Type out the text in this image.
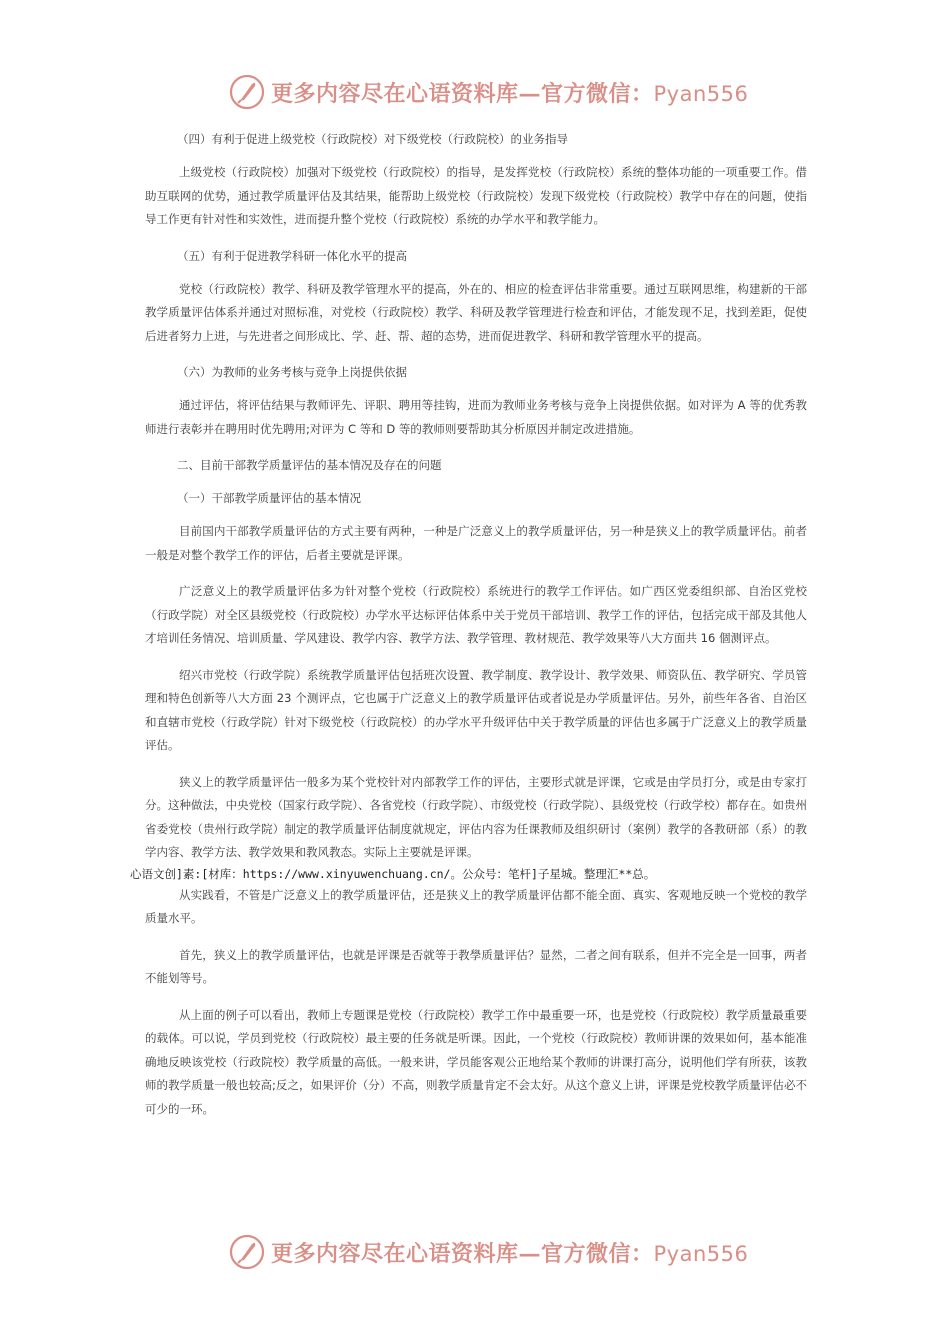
更多内容尽在心语资料库—官方微信：Pyan556

（四）有利于促进上级党校（行政院校）对下级党校（行政院校）的业务指导

上级党校（行政院校）加强对下级党校（行政院校）的指导，是发挥党校（行政院校）系统的整体功能的一项重要工作。借助互联网的优势，通过教学质量评估及其结果，能帮助上级党校（行政院校）发现下级党校（行政院校）教学中存在的问题，使指导工作更有针对性和实效性，进而提升整个党校（行政院校）系统的办学水平和教学能力。

（五）有利于促进教学科研一体化水平的提高

党校（行政院校）教学、科研及教学管理水平的提高，外在的、相应的检查评估非常重要。通过互联网思维，构建新的干部教学质量评估体系并通过对照标准，对党校（行政院校）教学、科研及教学管理进行检查和评估，才能发现不足，找到差距，促使后进者努力上进，与先进者之间形成比、学、赶、帮、超的态势，进而促进教学、科研和教学管理水平的提高。

（六）为教师的业务考核与竞争上岗提供依据

通过评估，将评估结果与教师评先、评职、聘用等挂钩，进而为教师业务考核与竞争上岗提供依据。如对评为 A 等的优秀教师进行表彰并在聘用时优先聘用;对评为 C 等和 D 等的教师则要帮助其分析原因并制定改进措施。

二、目前干部教学质量评估的基本情况及存在的问题

（一）干部教学质量评估的基本情况

目前国内干部教学质量评估的方式主要有两种，一种是广泛意义上的教学质量评估，另一种是狭义上的教学质量评估。前者一般是对整个教学工作的评估，后者主要就是评课。

广泛意义上的教学质量评估多为针对整个党校（行政院校）系统进行的教学工作评估。如广西区党委组织部、自治区党校（行政学院）对全区县级党校（行政院校）办学水平达标评估体系中关于党员干部培训、教学工作的评估，包括完成干部及其他人才培训任务情况、培训质量、学风建设、教学内容、教学方法、教学管理、教材规范、教学效果等八大方面共 16 個测评点。

绍兴市党校（行政学院）系统教学质量评估包括班次设置、教学制度、教学设计、教学效果、师资队伍、教学研究、学员管理和特色创新等八大方面 23 个测评点，它也属于广泛意义上的教学质量评估或者说是办学质量评估。另外，前些年各省、自治区和直辖市党校（行政学院）针对下级党校（行政院校）的办学水平升级评估中关于教学质量的评估也多属于广泛意义上的教学质量评估。

狭义上的教学质量评估一般多为某个党校针对内部教学工作的评估，主要形式就是评课，它或是由学员打分，或是由专家打分。这种做法，中央党校（国家行政学院）、各省党校（行政学院）、市级党校（行政学院）、县级党校（行政学校）都存在。如贵州省委党校（贵州行政学院）制定的教学质量评估制度就规定，评估内容为任课教师及组织研讨（案例）教学的各教研部（系）的教学内容、教学方法、教学效果和教风教态。实际上主要就是评课。

心语文创]素:[材库：https://www.xinyuwenchuang.cn/。公众号：笔杆]子星城。整理汇**总。

从实践看，不管是广泛意义上的教学质量评估，还是狭义上的教学质量评估都不能全面、真实、客观地反映一个党校的教学质量水平。

首先，狭义上的教学质量评估，也就是评课是否就等于教學质量评估？显然，二者之间有联系，但并不完全是一回事，两者不能划等号。

从上面的例子可以看出，教师上专题课是党校（行政院校）教学工作中最重要一环，也是党校（行政院校）教学质量最重要的载体。可以说，学员到党校（行政院校）最主要的任务就是听课。因此，一个党校（行政院校）教师讲课的效果如何，基本能准确地反映该党校（行政院校）教学质量的高低。一般来讲，学员能客观公正地给某个教师的讲课打高分，说明他们学有所获，该教师的教学质量一般也较高;反之，如果评价（分）不高，则教学质量肯定不会太好。从这个意义上讲，评课是党校教学质量评估必不可少的一环。

更多内容尽在心语资料库—官方微信：Pyan556
